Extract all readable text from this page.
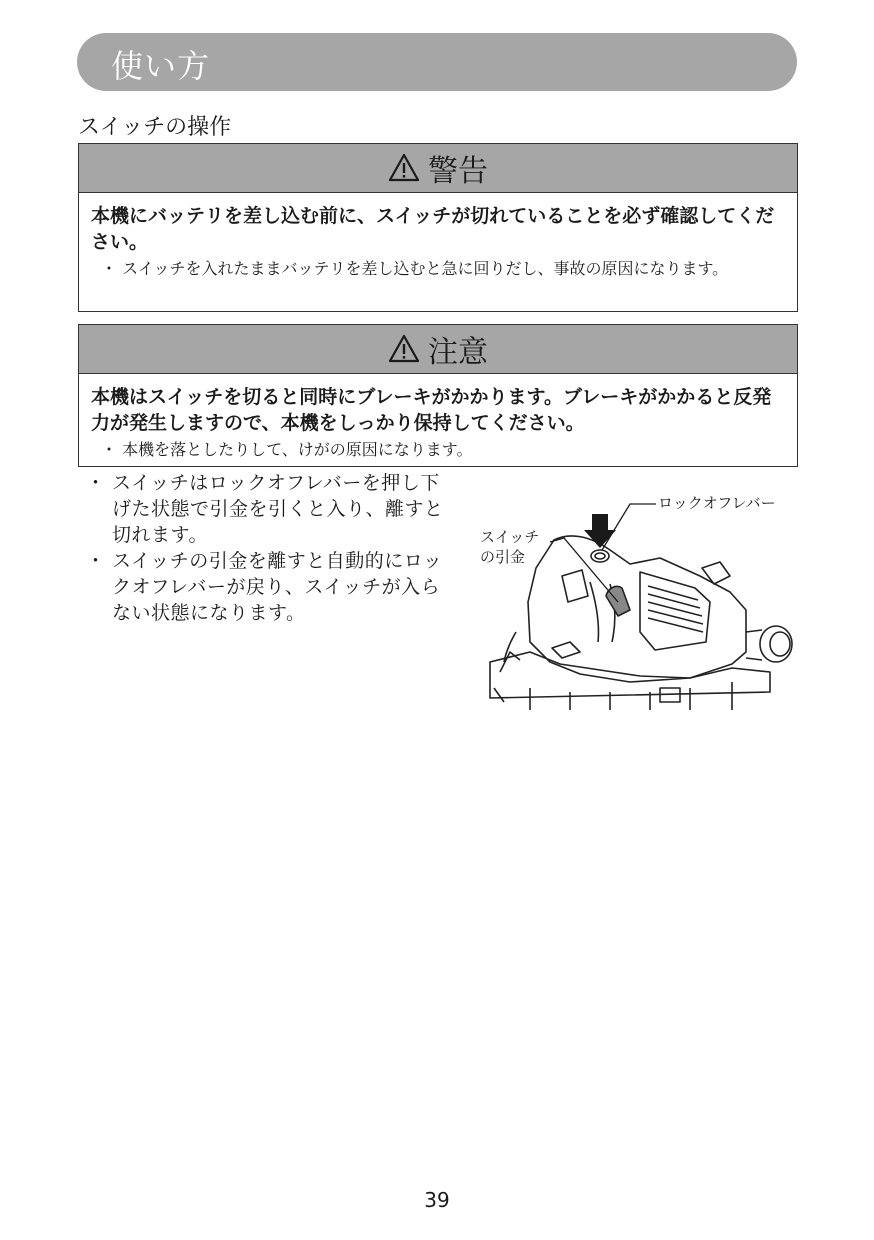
使い方
スイッチの操作
警告
本機にバッテリを差し込む前に、スイッチが切れていることを必ず確認してください。
・ スイッチを入れたままバッテリを差し込むと急に回りだし、事故の原因になります。
注意
本機はスイッチを切ると同時にブレーキがかかります。ブレーキがかかると反発力が発生しますので、本機をしっかり保持してください。
・ 本機を落としたりして、けがの原因になります。
・ スイッチはロックオフレバーを押し下げた状態で引金を引くと入り、離すと切れます。
・ スイッチの引金を離すと自動的にロックオフレバーが戻り、スイッチが入らない状態になります。
ロックオフレバー
スイッチ
の引金
39
